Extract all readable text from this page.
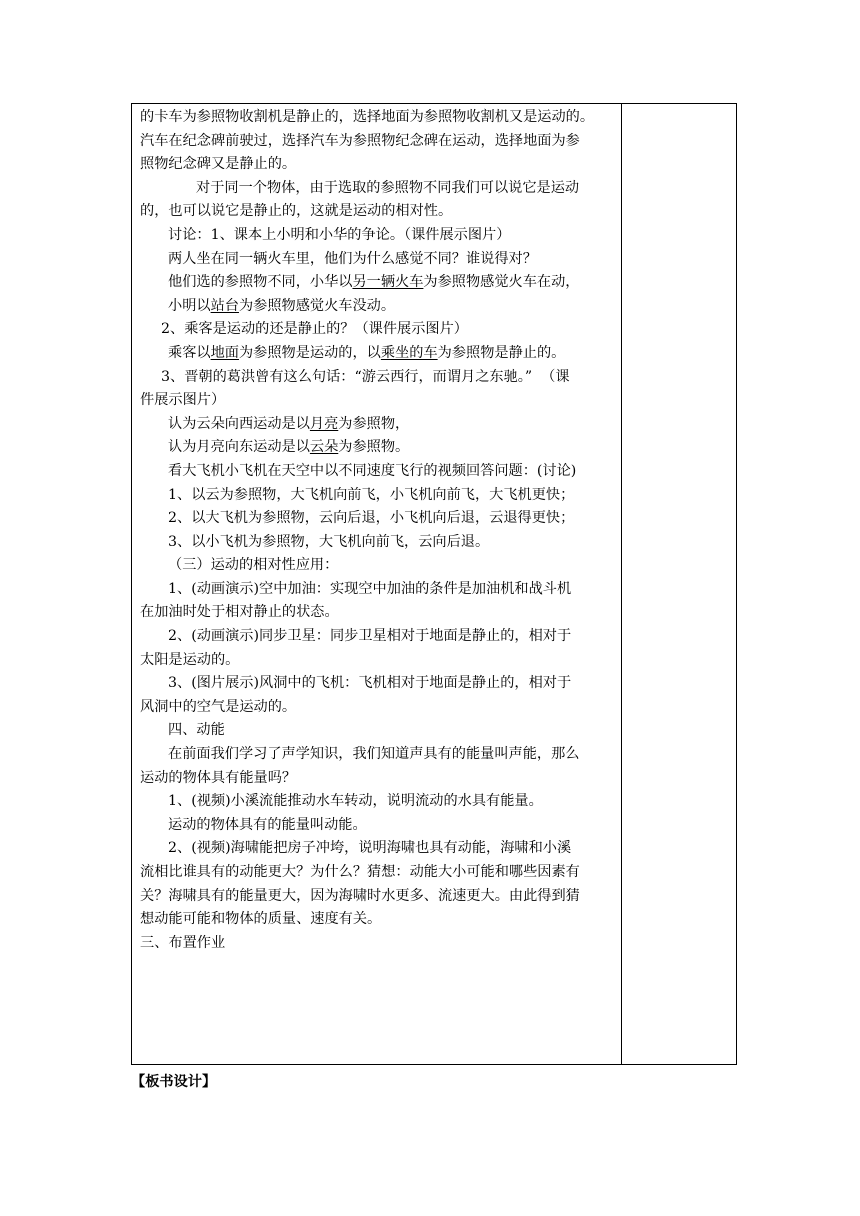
的卡车为参照物收割机是静止的，选择地面为参照物收割机又是运动的。

汽车在纪念碑前驶过，选择汽车为参照物纪念碑在运动，选择地面为参

照物纪念碑又是静止的。

对于同一个物体，由于选取的参照物不同我们可以说它是运动

的，也可以说它是静止的，这就是运动的相对性。

讨论：1、课本上小明和小华的争论。（课件展示图片）

两人坐在同一辆火车里，他们为什么感觉不同？谁说得对？

他们选的参照物不同，小华以另一辆火车为参照物感觉火车在动，

小明以站台为参照物感觉火车没动。

2、乘客是运动的还是静止的？（课件展示图片）

乘客以地面为参照物是运动的，以乘坐的车为参照物是静止的。

3、晋朝的葛洪曾有这么句话：“游云西行，而谓月之东驰。”  （课

件展示图片）

认为云朵向西运动是以月亮为参照物，

认为月亮向东运动是以云朵为参照物。

看大飞机小飞机在天空中以不同速度飞行的视频回答问题：(讨论)

1、以云为参照物，大飞机向前飞，小飞机向前飞，大飞机更快；

2、以大飞机为参照物，云向后退，小飞机向后退，云退得更快；

3、以小飞机为参照物，大飞机向前飞，云向后退。

（三）运动的相对性应用：

1、(动画演示)空中加油：实现空中加油的条件是加油机和战斗机

在加油时处于相对静止的状态。

2、(动画演示)同步卫星：同步卫星相对于地面是静止的，相对于

太阳是运动的。

3、(图片展示)风洞中的飞机：飞机相对于地面是静止的，相对于

风洞中的空气是运动的。

四、动能

在前面我们学习了声学知识，我们知道声具有的能量叫声能，那么

运动的物体具有能量吗？

1、(视频)小溪流能推动水车转动，说明流动的水具有能量。

运动的物体具有的能量叫动能。

2、(视频)海啸能把房子冲垮，说明海啸也具有动能，海啸和小溪

流相比谁具有的动能更大？为什么？猜想：动能大小可能和哪些因素有

关？海啸具有的能量更大，因为海啸时水更多、流速更大。由此得到猜

想动能可能和物体的质量、速度有关。

三、布置作业

【板书设计】
